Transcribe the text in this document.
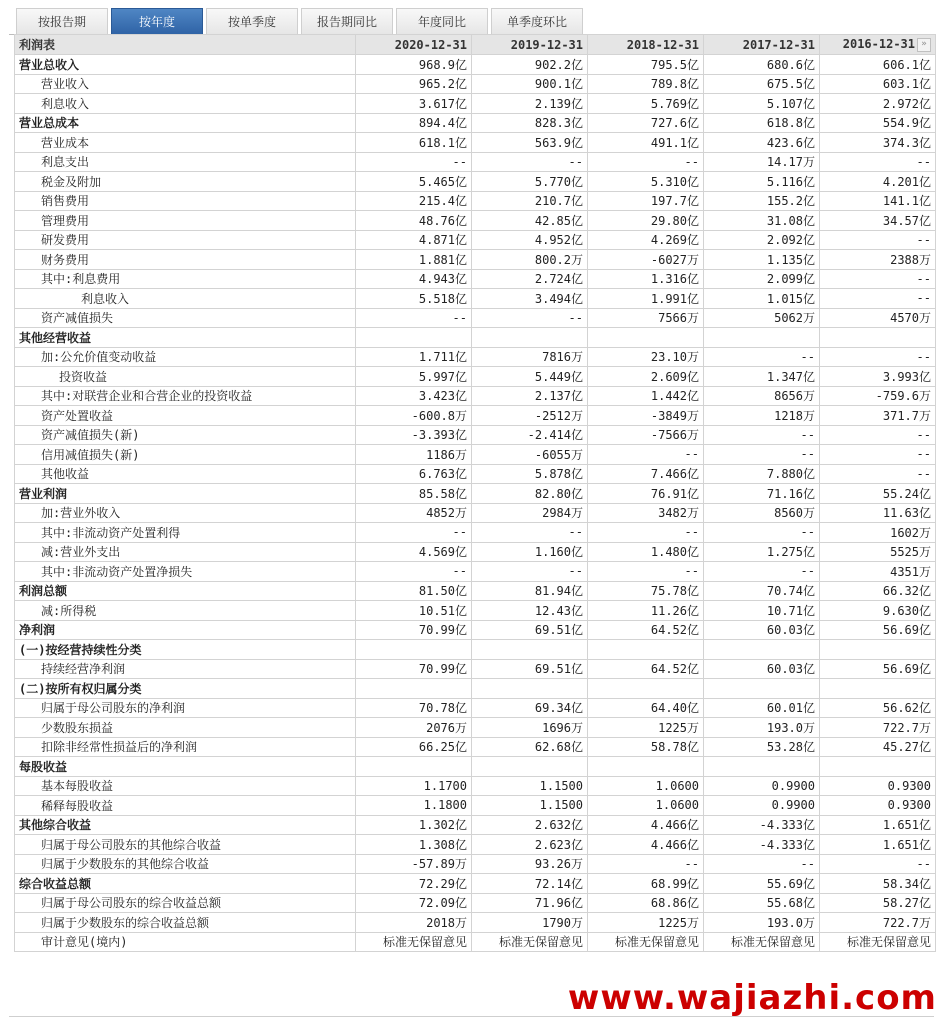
按报告期	按年度	按单季度	报告期同比	年度同比	单季度环比
利润表	2020-12-31	2019-12-31	2018-12-31	2017-12-31	2016-12-31 »
营业总收入	968.9亿	902.2亿	795.5亿	680.6亿	606.1亿
营业收入	965.2亿	900.1亿	789.8亿	675.5亿	603.1亿
利息收入	3.617亿	2.139亿	5.769亿	5.107亿	2.972亿
营业总成本	894.4亿	828.3亿	727.6亿	618.8亿	554.9亿
营业成本	618.1亿	563.9亿	491.1亿	423.6亿	374.3亿
利息支出	--	--	--	14.17万	--
税金及附加	5.465亿	5.770亿	5.310亿	5.116亿	4.201亿
销售费用	215.4亿	210.7亿	197.7亿	155.2亿	141.1亿
管理费用	48.76亿	42.85亿	29.80亿	31.08亿	34.57亿
研发费用	4.871亿	4.952亿	4.269亿	2.092亿	--
财务费用	1.881亿	800.2万	-6027万	1.135亿	2388万
其中:利息费用	4.943亿	2.724亿	1.316亿	2.099亿	--
利息收入	5.518亿	3.494亿	1.991亿	1.015亿	--
资产减值损失	--	--	7566万	5062万	4570万
其他经营收益					
加:公允价值变动收益	1.711亿	7816万	23.10万	--	--
投资收益	5.997亿	5.449亿	2.609亿	1.347亿	3.993亿
其中:对联营企业和合营企业的投资收益	3.423亿	2.137亿	1.442亿	8656万	-759.6万
资产处置收益	-600.8万	-2512万	-3849万	1218万	371.7万
资产减值损失(新)	-3.393亿	-2.414亿	-7566万	--	--
信用减值损失(新)	1186万	-6055万	--	--	--
其他收益	6.763亿	5.878亿	7.466亿	7.880亿	--
营业利润	85.58亿	82.80亿	76.91亿	71.16亿	55.24亿
加:营业外收入	4852万	2984万	3482万	8560万	11.63亿
其中:非流动资产处置利得	--	--	--	--	1602万
减:营业外支出	4.569亿	1.160亿	1.480亿	1.275亿	5525万
其中:非流动资产处置净损失	--	--	--	--	4351万
利润总额	81.50亿	81.94亿	75.78亿	70.74亿	66.32亿
减:所得税	10.51亿	12.43亿	11.26亿	10.71亿	9.630亿
净利润	70.99亿	69.51亿	64.52亿	60.03亿	56.69亿
(一)按经营持续性分类					
持续经营净利润	70.99亿	69.51亿	64.52亿	60.03亿	56.69亿
(二)按所有权归属分类					
归属于母公司股东的净利润	70.78亿	69.34亿	64.40亿	60.01亿	56.62亿
少数股东损益	2076万	1696万	1225万	193.0万	722.7万
扣除非经常性损益后的净利润	66.25亿	62.68亿	58.78亿	53.28亿	45.27亿
每股收益					
基本每股收益	1.1700	1.1500	1.0600	0.9900	0.9300
稀释每股收益	1.1800	1.1500	1.0600	0.9900	0.9300
其他综合收益	1.302亿	2.632亿	4.466亿	-4.333亿	1.651亿
归属于母公司股东的其他综合收益	1.308亿	2.623亿	4.466亿	-4.333亿	1.651亿
归属于少数股东的其他综合收益	-57.89万	93.26万	--	--	--
综合收益总额	72.29亿	72.14亿	68.99亿	55.69亿	58.34亿
归属于母公司股东的综合收益总额	72.09亿	71.96亿	68.86亿	55.68亿	58.27亿
归属于少数股东的综合收益总额	2018万	1790万	1225万	193.0万	722.7万
审计意见(境内)	标准无保留意见	标准无保留意见	标准无保留意见	标准无保留意见	标准无保留意见
www.wajiazhi.com
